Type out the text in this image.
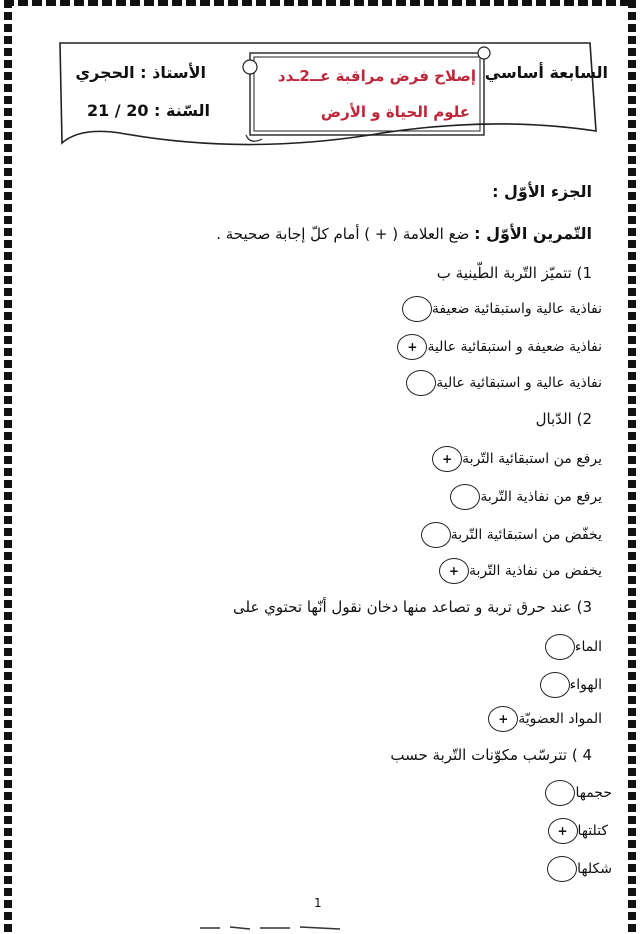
السابعة أساسي
الأستاذ : الحجري
السّنة : 20 / 21
إصلاح فرض مراقبة عــ2ـدد
علوم الحياة و الأرض
الجزء الأوّل :
التّمرين الأوّل : ضع العلامة ( + ) أمام كلّ إجابة صحيحة .
1) تتميّز التّربة الطّينية ب
نفاذية عالية واستبقائية ضعيفة
+ نفاذية ضعيفة و استبقائية عالية
نفاذية عالية و استبقائية عالية
2) الدّبال
+ يرفع من استبقائية التّربة
يرفع من نفاذية التّربة
يخفّض من استبقائية التّربة
+ يخفض من نفاذية التّربة
3) عند حرق تربة و تصاعد منها دخان نقول أنّها تحتوي على
الماء
الهواء
+ المواد العضويّة
4 ) تترسّب مكوّنات التّربة حسب
حجمها
+ كتلتها
شكلها
1
